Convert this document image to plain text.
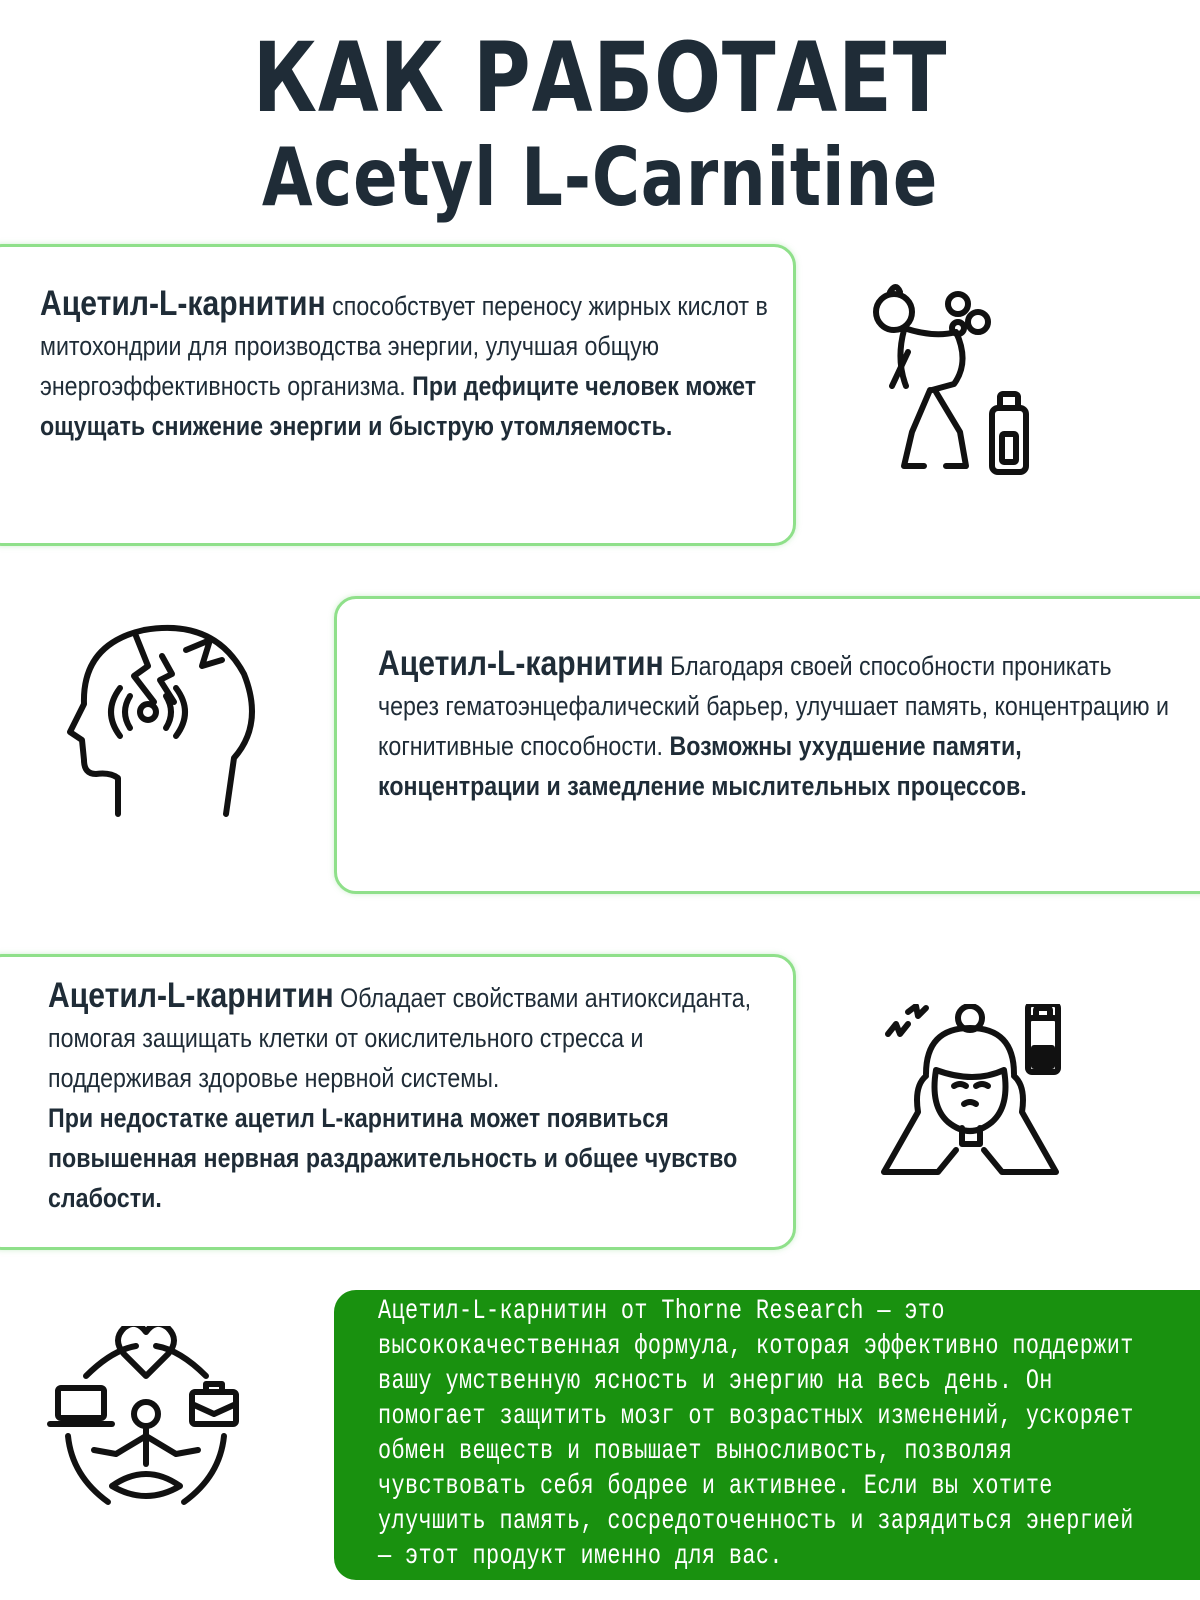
КАК РАБОТАЕТ
Acetyl L-Carnitine
Ацетил-L-карнитин способствует переносу жирных кислот в митохондрии для производства энергии, улучшая общую энергоэффективность организма. При дефиците человек может ощущать снижение энергии и быструю утомляемость.
Ацетил-L-карнитин Благодаря своей способности проникать через гематоэнцефалический барьер, улучшает память, концентрацию и когнитивные способности. Возможны ухудшение памяти, концентрации и замедление мыслительных процессов.
Ацетил-L-карнитин Обладает свойствами антиоксиданта, помогая защищать клетки от окислительного стресса и поддерживая здоровье нервной системы.
При недостатке ацетил L-карнитина может появиться повышенная нервная раздражительность и общее чувство слабости.
Ацетил-L-карнитин от Thorne Research — это высококачественная формула, которая эффективно поддержит вашу умственную ясность и энергию на весь день. Он помогает защитить мозг от возрастных изменений, ускоряет обмен веществ и повышает выносливость, позволяя чувствовать себя бодрее и активнее. Если вы хотите улучшить память, сосредоточенность и зарядиться энергией — этот продукт именно для вас.
